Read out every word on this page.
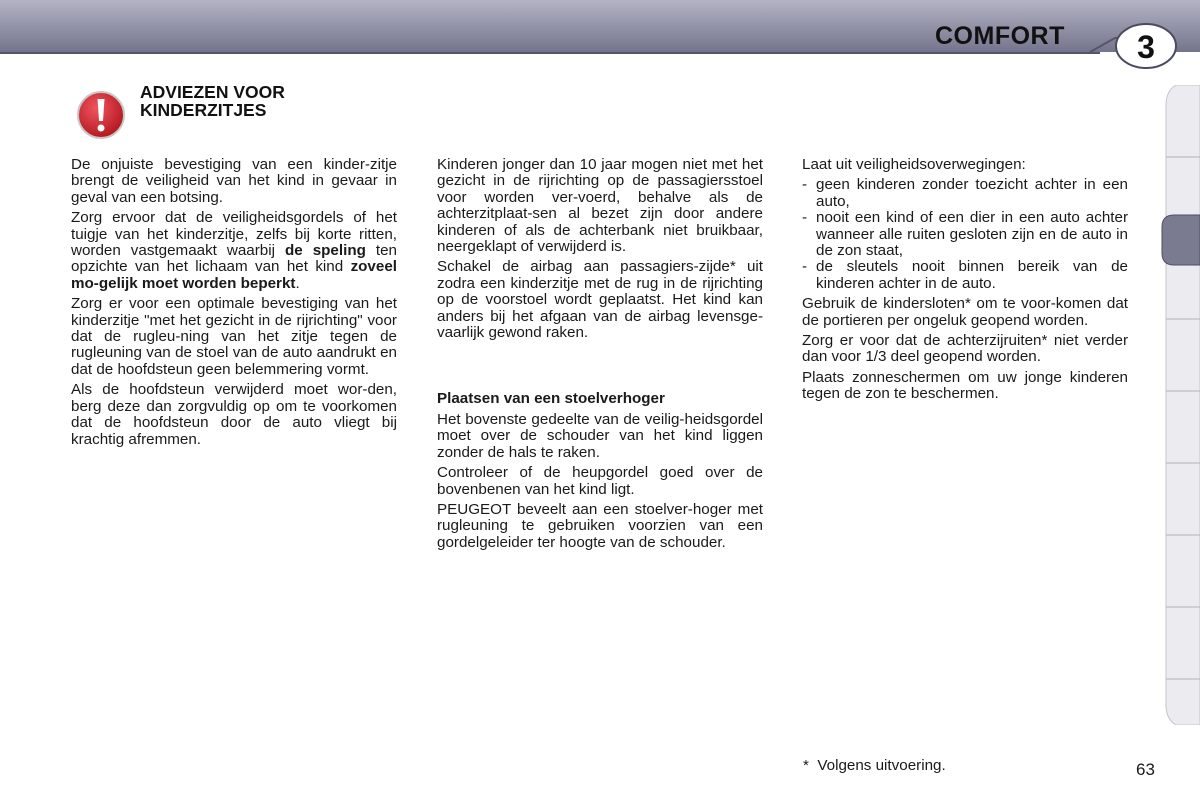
COMFORT	3
ADVIEZEN VOOR
KINDERZITJES

De onjuiste bevestiging van een kinder-zitje brengt de veiligheid van het kind in gevaar in geval van een botsing.

Zorg ervoor dat de veiligheidsgordels of het tuigje van het kinderzitje, zelfs bij korte ritten, worden vastgemaakt waarbij de speling ten opzichte van het lichaam van het kind zoveel mo-gelijk moet worden beperkt.

Zorg er voor een optimale bevestiging van het kinderzitje "met het gezicht in de rijrichting" voor dat de rugleu-ning van het zitje tegen de rugleuning van de stoel van de auto aandrukt en dat de hoofdsteun geen belemmering vormt.

Als de hoofdsteun verwijderd moet wor-den, berg deze dan zorgvuldig op om te voorkomen dat de hoofdsteun door de auto vliegt bij krachtig afremmen.

Kinderen jonger dan 10 jaar mogen niet met het gezicht in de rijrichting op de passagiersstoel voor worden ver-voerd, behalve als de achterzitplaat-sen al bezet zijn door andere kinderen of als de achterbank niet bruikbaar, neergeklapt of verwijderd is.

Schakel de airbag aan passagiers-zijde* uit zodra een kinderzitje met de rug in de rijrichting op de voorstoel wordt geplaatst. Het kind kan anders bij het afgaan van de airbag levensge-vaarlijk gewond raken.

Plaatsen van een stoelverhoger

Het bovenste gedeelte van de veilig-heidsgordel moet over de schouder van het kind liggen zonder de hals te raken.

Controleer of de heupgordel goed over de bovenbenen van het kind ligt.

PEUGEOT beveelt aan een stoelver-hoger met rugleuning te gebruiken voorzien van een gordelgeleider ter hoogte van de schouder.

Laat uit veiligheidsoverwegingen:

- geen kinderen zonder toezicht achter in een auto,
- nooit een kind of een dier in een auto achter wanneer alle ruiten gesloten zijn en de auto in de zon staat,
- de sleutels nooit binnen bereik van de kinderen achter in de auto.

Gebruik de kindersloten* om te voor-komen dat de portieren per ongeluk geopend worden.

Zorg er voor dat de achterzijruiten* niet verder dan voor 1/3 deel geopend worden.

Plaats zonneschermen om uw jonge kinderen tegen de zon te beschermen.

*  Volgens uitvoering.	63
